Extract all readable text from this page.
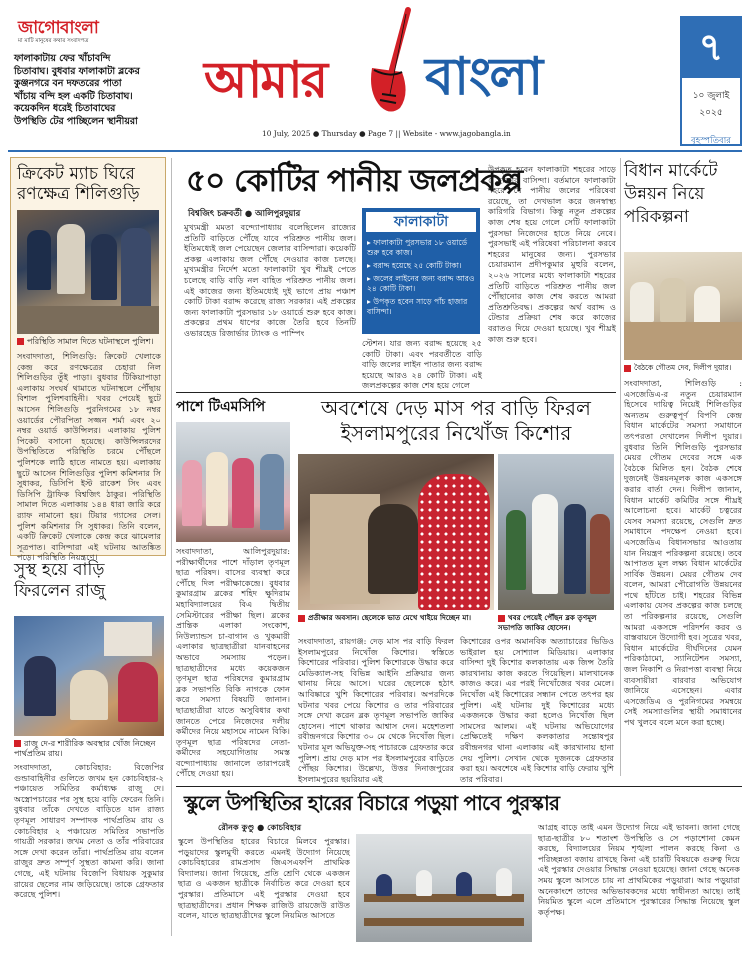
জাগোবাংলা
মা মাটি মানুষের কথার সংবাদপত্র
ফালাকাটায় ফের খাঁচাবন্দি
চিতাবাঘ। বুধবার ফালাকাটা ব্লকের
কুঞ্জনগরে বন দফতরের পাতা
খাঁচায় বন্দি হল একটি চিতাবাঘ।
কয়েকদিন ধরেই চিতাবাঘের
উপস্থিতি টের পাচ্ছিলেন স্থানীয়রা
আমার বাংলা
10 July, 2025 ● Thursday ● Page 7 || Website - www.jagobangla.in
৭
১০ জুলাই
২০২৫
বৃহস্পতিবার
ক্রিকেট ম্যাচ ঘিরে রণক্ষেত্র শিলিগুড়ি
পরিস্থিতি সামাল দিতে ঘটনাস্থলে পুলিশ।
সংবাদদাতা, শিলিগুড়ি: ক্রিকেট খেলাকে কেন্দ্র করে রণক্ষেত্রের চেহারা নিল শিলিগুড়ির তুঁই পাড়া। বুধবার টিকিয়াপাড়া এলাকায় সংঘর্ষ থামাতে ঘটনাস্থলে পৌঁছায় বিশাল পুলিশবাহিনী। খবর পেয়েই ছুটে আসেন শিলিগুড়ি পুরনিগমের ১৮ নম্বর ওয়ার্ডের পৌরপিতা সজ্জন শর্মা এবং ২০ নম্বর ওয়ার্ড কাউন্সিলর। এলাকায় পুলিশ পিকেট বসানো হয়েছে। কাউন্সিলরদের উপস্থিতিতে পরিস্থিতি চরমে পৌঁছলে পুলিশকে লাঠি হাতে নামতে হয়। এলাকায় ছুটে আসেন শিলিগুড়ির পুলিশ কমিশনার সি সুধাকর, ডিসিপি ইস্ট রাকেশ সিং এবং ডিসিপি ট্রাফিক বিশ্বজিৎ ঠাকুর। পরিস্থিতি সামাল দিতে এলাকায় ১৪৪ ধারা জারি করে র‍্যাফ নামানো হয়। টিয়ার গ্যাসের সেল। পুলিশ কমিশনার সি সুধাকর। তিনি বলেন, একটি ক্রিকেট খেলাকে কেন্দ্র করে ঝামেলার সূত্রপাত। বাসিন্দারা এই ঘটনায় আতঙ্কিত পড়ে। পরিস্থিতি নিয়ন্ত্রণে।
সুস্থ হয়ে বাড়ি ফিরলেন রাজু
রাজু দে-র শারীরিক অবস্থার খোঁজ নিচ্ছেন পার্থপ্রতিম রায়।
সংবাদদাতা, কোচবিহার: বিজেপির গুন্ডাবাহিনীর গুলিতে জখম হন কোচবিহার-২ পঞ্চায়েত সমিতির কর্মাধ্যক্ষ রাজু দে। অস্ত্রোপচারের পর সুস্থ হয়ে বাড়ি ফেরেন তিনি। বুধবার তাঁকে দেখতে বাড়িতে যান রাজ্য তৃণমূল সাধারণ সম্পাদক পার্থপ্রতিম রায় ও কোচবিহার ২ পঞ্চায়েত সমিতির সভাপতি গায়ত্রী সরকার। জখম নেতা ও তাঁর পরিবারের সঙ্গে দেখা করেন তাঁরা। পার্থপ্রতিম রায় বলেন রাজুর দ্রুত সম্পূর্ণ সুস্থতা কামনা করি। জানা গেছে, এই ঘটনায় বিজেপি বিধায়ক সুকুমার রায়ের ছেলের নাম জড়িয়েছে। তাকে গ্রেফতার করেছে পুলিশ।
৫০ কোটির পানীয় জলপ্রকল্প
বিশ্বজিৎ চক্রবর্তী ● আলিপুরদুয়ার
মুখ্যমন্ত্রী মমতা বন্দ্যোপাধ্যায় বলেছিলেন রাজ্যের প্রতিটি বাড়িতে পৌঁছে যাবে পরিশ্রুত পানীয় জল। ইতিমধ্যেই জল পেয়েছেন জেলার বাসিন্দারা। কয়েকটি প্রকল্প এলাকায় জল পৌঁছে দেওয়ার কাজ চলছে। মুখ্যমন্ত্রীর নির্দেশ মতো ফালাকাটা খুব শীঘ্রই পেতে চলেছে বাড়ি বাড়ি নল বাহিত পরিশ্রুত পানীয় জল। এই কাজের জন্য ইতিমধ্যেই দুই ভাগে প্রায় পঞ্চাশ কোটি টাকা বরাদ্দ করেছে রাজ্য সরকার। এই প্রকল্পের জন্য ফালাকাটা পুরসভার ১৮ ওয়ার্ডে শুরু হবে কাজ। প্রকল্পের প্রথম ধাপের কাজে তৈরি হবে তিনটি ওভারহেড রিজার্ভার ট্যাংক ও পাম্পিং
ফালাকাটা
▸ ফালাকাটা পুরসভার ১৮ ওয়ার্ডে শুরু হবে কাজ।
▸ বরাদ্দ হয়েছে ২৫ কোটি টাকা।
▸ জলের লাইনের জন্য বরাদ্দ আরও ২৪ কোটি টাকা।
▸ উপকৃত হবেন সাড়ে পাঁচ হাজার বাসিন্দা।
স্টেশন। যার জন্য বরাদ্দ হয়েছে ২৫ কোটি টাকা। এবং পরবর্তীতে বাড়ি বাড়ি জলের লাইন পাতার জন্য বরাদ্দ হয়েছে আরও ২৪ কোটি টাকা। এই জলপ্রকল্পের কাজ শেষ হয়ে গেলে
উপকৃত হবেন ফালাকাটা শহরের সাড়ে ৫ হাজার বাসিন্দা। বর্তমানে ফালাকাটা শহরে যে পানীয় জলের পরিষেবা রয়েছে, তা দেখভাল করে জনস্বাস্থ্য কারিগরি বিভাগ। কিন্তু নতুন প্রকল্পের কাজ শেষ হয়ে গেলে সেটি ফালাকাটা পুরসভা নিজেদের হাতে নিয়ে নেবে। পুরসভাই এই পরিষেবা পরিচালনা করবে শহরের মানুষের জন্য। পুরসভার চেয়ারম্যান প্রদীপকুমার মুহুরি বলেন, ২০২৬ সালের মধ্যে ফালাকাটা শহরের প্রতিটি বাড়িতে পরিশ্রুত পানীয় জল পৌঁছানোর কাজ শেষ করতে আমরা প্রতিশ্রুতিবদ্ধ। প্রকল্পের অর্থ বরাদ্দ ও টেন্ডার প্রক্রিয়া শেষ করে কাজের বরাতও দিয়ে দেওয়া হয়েছে। খুব শীঘ্রই কাজ শুরু হবে।
বিধান মার্কেটে উন্নয়ন নিয়ে পরিকল্পনা
বৈঠকে গৌতম দেব, দিলীপ দুয়ার।
সংবাদদাতা, শিলিগুড়ি : এসজেডিএ-র নতুন চেয়ারম্যান হিসেবে দায়িত্ব নিয়েই শিলিগুড়ির অন্যতম গুরুত্বপূর্ণ বিপণি কেন্দ্র বিধান মার্কেটের সমস্যা সমাধানে তৎপরতা দেখালেন দিলীপ দুয়ার। বুধবার তিনি শিলিগুড়ি পুরসভার মেয়র গৌতম দেবের সঙ্গে এক বৈঠকে মিলিত হন। বৈঠক শেষে দুজনেই উন্নয়নমূলক কাজ একসঙ্গে করার বার্তা দেন। দিলীপ জানান, বিধান মার্কেট কমিটির সঙ্গে শীঘ্রই আলোচনা হবে। মার্কেট চত্বরের যেসব সমস্যা রয়েছে, সেগুলি দ্রুত সমাধানে পদক্ষেপ নেওয়া হবে। এসজেডিএ বিধানসভার আওতায় যান নিয়ন্ত্রণ পরিকল্পনা রয়েছে। তবে আপাতত মূল লক্ষ্য বিধান মার্কেটের সার্বিক উন্নয়ন। মেয়র গৌতম দেব বলেন, আমরা পৌরোগতি উন্নয়নের পথে হাঁটতে চাই। শহরের বিভিন্ন এলাকায় যেসব প্রকল্পের কাজ চলছে তা পরিকল্পনার রয়েছে, সেগুলি আমরা একসঙ্গে পরিদর্শন করব ও বাস্তবায়নে উদ্যোগী হব। সূত্রের খবর, বিধান মার্কেটের দীর্ঘদিনের যেমন পরিকাঠামো, স্যানিটেশন সমস্যা, জল নিকাশি ও নিরাপত্তা ব্যবস্থা নিয়ে ব্যবসায়ীরা বারবার অভিযোগ জানিয়ে এসেছেন। এবার এসজেডিএ ও পুরনিগমের সমন্বয়ে সেই সমস্যাগুলির স্থায়ী সমাধানের পথ খুলবে বলে মনে করা হচ্ছে।
পাশে টিএমসিপি
সংবাদদাতা, আলিপুরদুয়ার: পরীক্ষার্থীদের পাশে দাঁড়াল তৃণমূল ছাত্র পরিষদ। বাসের ব্যবস্থা করে পৌঁছে দিল পরীক্ষাকেন্দ্রে। বুধবার কুমারগ্রাম ব্লকের শহিদ ক্ষুদিরাম মহাবিদ্যালয়ের বিএ দ্বিতীয় সেমিস্টারের পরীক্ষা ছিল। ব্লকের প্রান্তিক এলাকা সংকোশ, নিউল্যান্ডস চা-বাগান ও খুকমারী এলাকার ছাত্রছাত্রীরা যানবাহনের অভাবে সমস্যায় পড়েন। ছাত্রছাত্রীদের মধ্যে কয়েকজন তৃণমূল ছাত্র পরিষদের কুমারগ্রাম ব্লক সভাপতি বিকি নাগকে ফোন করে সমস্যা বিষয়টি জানান। ছাত্রছাত্রীরা যাতে অসুবিধার কথা জানতে পেরে নিজেদের দলীয় কর্মীদের নিয়ে মহাসমে নামেন বিকি। তৃণমূল ছাত্র পরিষদের নেতা-কর্মীদের সহযোগিতায় সমস্ত বন্দ্যোপাধ্যায় জানালে তারাপরেই পৌঁছে দেওয়া হয়।
অবশেষে দেড় মাস পর বাড়ি ফিরল
ইসলামপুরের নিখোঁজ কিশোর
প্রতীক্ষার অবসান। ছেলেকে ভাত মেখে খাইয়ে দিচ্ছেন মা।	খবর পেয়েই পৌঁছন ব্লক তৃণমূল সভাপতি জাকির হোসেন।
সংবাদদাতা, রায়গঞ্জ: দেড় মাস পর বাড়ি ফিরল ইসলামপুরের নিখোঁজ কিশোর। স্বস্তিতে কিশোরের পরিবার। পুলিশ কিশোরকে উদ্ধার করে মেডিক্যাল-সহ বিভিন্ন আইনি প্রক্রিয়ার জন্য থানায় নিয়ে আসে। ঘরের ছেলেকে হঠাৎ আবিষ্কারে খুশি কিশোরের পরিবার। অপরদিকে ঘটনার খবর পেয়ে কিশোর ও তার পরিবারের সঙ্গে দেখা করেন ব্লক তৃণমূল সভাপতি জাকির হোসেন। পাশে থাকার আশ্বাস দেন। মহেশতলা রবীন্দ্রনগরে কিশোর ৩০ মে থেকে নিখোঁজ ছিল। ঘটনার মূল অভিযুক্ত-সহ পাচারকে গ্রেফতার করে পুলিশ। প্রায় দেড় মাস পর ইসলামপুরের বাড়িতে পৌঁছয় কিশোর। উল্লেখ্য, উত্তর দিনাজপুরের ইসলামপুরের ছয়রিয়ার এই
কিশোরের ওপর অমানবিক অত্যাচারের ভিডিও ভাইরাল হয় সোশ্যাল মিডিয়ায়। এলাকার বাসিন্দা দুই কিশোর কলকাতায় এক জিন্স তৈরি কারখানায় কাজ করতে গিয়েছিল। মালখানেক কাজও করে। এর পরই নিখোঁজের খবর মেলে। নিখোঁজ এই কিশোরের সন্ধান পেতে তৎপর হয় পুলিশ। এই ঘটনায় দুই কিশোরের মধ্যে একজনকে উদ্ধার করা হলেও নিখোঁজ ছিল সামসের আলম। এই ঘটনায় অভিযোগের প্রেক্ষিতেই দক্ষিণ কলকাতার সন্তোষপুর রবীন্দ্রনগর থানা এলাকায় এই কারখানায় হানা দেয় পুলিশ। সেখান থেকে দুজনকে গ্রেফতার করা হয়। অবশেষে এই কিশোর বাড়ি ফেরায় খুশি তার পরিবার।
স্কুলে উপস্থিতির হারের বিচারে পড়ুয়া পাবে পুরস্কার
রৌনক কুণ্ডু ● কোচবিহার
স্কুলে উপস্থিতির হারের বিচারে মিলবে পুরস্কার। পড়ুয়াদের স্কুলমুখী করতে এমনই উদ্যোগ নিয়েছে কোচবিহারের রামপ্রসাদ জিএসএফপি প্রাথমিক বিদ্যালয়। জানা গিয়েছে, প্রতি শ্রেণি থেকে একজন ছাত্র ও একজন ছাত্রীকে নির্বাচিত করে দেওয়া হবে পুরস্কার। প্রতিমাসে এই পুরস্কার দেওয়া হবে ছাত্রছাত্রীদের। প্রধান শিক্ষক রাজিউ রায়জেউ রাউত বলেন, যাতে ছাত্রছাত্রীদের স্কুলে নিয়মিত আসতে
আগ্রহ বাড়ে তাই এমন উদ্যোগ নিয়ে এই ভাবনা। জানা গেছে ছাত্র-ছাত্রীর ৮০ শতাংশ উপস্থিতি ও সে পড়াশোনা কেমন করছে, বিদ্যালয়ের নিয়ম শৃঙ্খলা পালন করছে কিনা ও পরিচ্ছন্নতা বজায় রাখছে কিনা এই চারটি বিষয়কে গুরুত্ব দিয়ে এই পুরস্কার দেওয়ার সিদ্ধান্ত নেওয়া হয়েছে। জানা গেছে অনেক সময় স্কুলে আসতে চায় না প্রাথমিকের পড়ুয়ারা। আর পড়ুয়ারা অনেকাংশে তাদের অভিভাবকদের মধ্যে স্বাধীনতা আছে। তাই নিয়মিত স্কুলে এলে প্রতিমাসে পুরস্কারের সিদ্ধান্ত নিয়েছে স্কুল কর্তৃপক্ষ।
